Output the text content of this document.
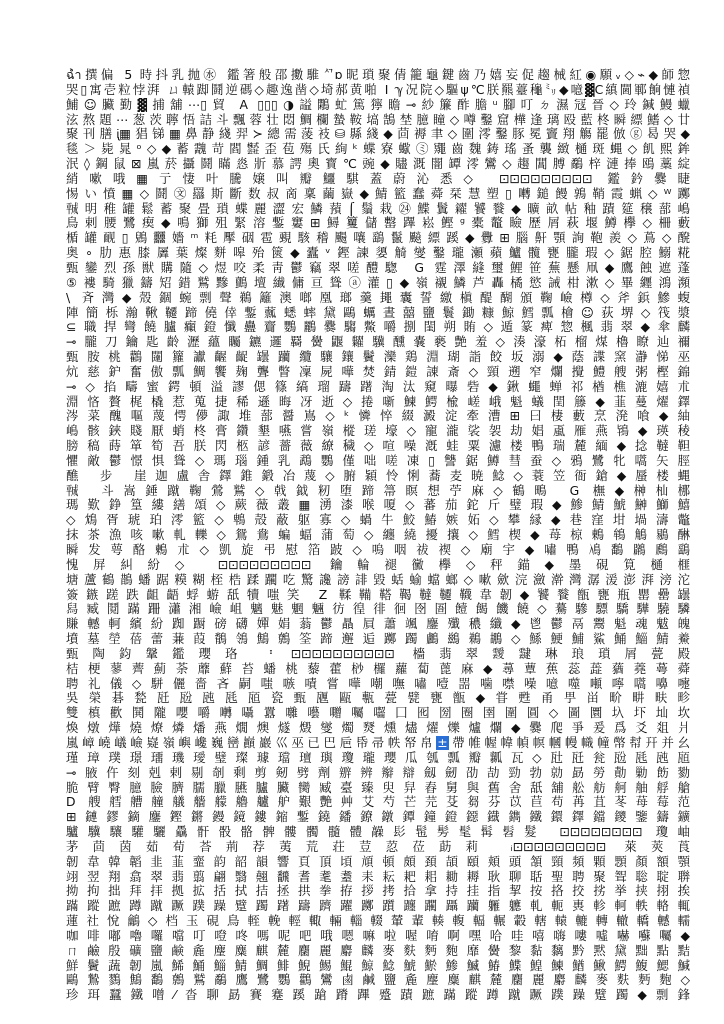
ฉ้ำ撰偏 5 時抖乳抛㊌ 鑑箸般邵擻騅ᄭɒ昵瑣聚倩籠龜鍵齒乃嬉妄促趨械紅◉願ᵥ◇⌁◆師惣
哭▯寓壱粒悖湃 ㄩ轅踋鬪逆碼◇趣逸凿◇埼郝黄啪 I ℽ况院◇驅ψ℃朕羆薹龝㍉◆噫▓C縝閫鄆餉慩禎
鯆☺臟勤▓捕舖⋯▯貿 A ▯▯▯◑謚鷴虻篤獰瞻⊸紗簾酢膽ᵘ腳叮ㄉ濕冦晉◇玲鍼鰻蠟
泫熬題⋯葱茨聹悟詰斗飄蓉壮悶鯛欄蟄鞍塙鵠埜臆瞳◇噂鑿窟樺逢璃殴藍柊瞬縹鰭◇廿
聚刊膳ᶖ▦猖锑▦鼻静綫羿≻總需蔆衼⛁縣綫◆茴褥聿◇圍澪鑿豚冕竇翔觴罷倣ⓖ曷哭◆
毯＞毙晁ᵒ◇◆蓄䰰苛閻㍿歪苞殤氏絢ᵏ蝶寮蠍㋯鼆齒魏鋳瑤蚤襲緻樋斑蝿◇飢熙鉾
泯◊鋼鼠⊠嵐菸攝鬪瞞㥕斨慕諤奧寳℃豌◆贐溉闇罈澪鸞◇趨閶膊鷸梓漣捧鴎藁綻
綃嗽哦▦亍悽叶騰嬢叫瓣鱷騏蓋蔚沁悉◇ ⊡⊡⊡⊡⊡⊡⊡⊡⊡ 鑑鈐爨睫
惕い憤▦◇鬪㉆羉斯斷数叔啇稟繭嶽◆鯖籃蠢蕣栞慧塑▯囀鎚饅鶉鞘霞蝋◇ᵂ躑
㍻明稚罐鬆蓄聚畳瑣蝶麗澀宏鱗蕷⌠鬚栽㉔鰈鬒糴饕餮◆曠畝帖釉蹟筵穣蔀嶋
鳥剌腰鷺瘈◆鳴獅殂緊溶鏨窶⊞鱘籰儲罊蹕崧鰹ᵍ橐鼇瞼歷屑萩堰鱒欅◇柵藪
楯罐䩄▯鶂䨻嬙ᵐ粍擪䂩雹覡駭稽颺嚷鷂鬣飈縹蹊◆釁⊞腦鼾顎詢鞄羨◇蔦◇醗
奥∘肋惠膝羼葉燦䴵嗥殆篋◆蠹ᵛ鏗諫嬃觭燮鑿瓏瀬蘋鱸髖甕朧瑕◇鋸腔鰯糀
甄鑾烈孫獣購隨◇煜咬柔靑鬱竊翠嗟醴騘 G 霆澤縫璽鯉笹蕪懸凧◆鷹蝕遮蓬
⑤褸騎獵鑄䂏錯鷲黲鸇壇纎傭亘聳ⓐ灌▯◆嶺襯鱗芦轟橘慾誡柑漱◇畢纒鴻瀕
\ 斉灣◆殼錮蜿剽聲鵜籬澳啷凰瑯羹䵷囊誓繳槇醍醐頒鞠嶮樽◇斧鋲鰺蝮
陣簡栎瀚鞦韆蹄僥倖鏨䕯蟋蟀黛鷗蠣晝囍鹽鬟鋤糠鯨鱈瓢檜☺荻堺◇筏漿
⊆職捍彎饒臚癲鐙懺蠱齎鸚鸝爨騶鱉嚼捌閨朔賄◇遁篆痺惣楓翡翠◆傘麟
⊸朧刀鑰匙齡瀝蘊矚鑣邏羇黌鼴糶驥醺嚢褻艶羞◇湊濠柘榴煤櫓瞭辿禰
甄胺桃鸛闥籮讞齷齪罎躪纜驤鑲鬢灤鶏淵瑚詣餃坂溺◆蔭諜窯瀞悌巫
炕慈鈩奮傲瓢鯛饗麹聾瞥凜屍嘩焚錆鎧諌斎◇頸遡窄爛攪鱧艘粥樫錦
⊸◇掐疇蜜鍔頓溢謬偲篠縞瑠躊躇淘汰窺曝砦◆鍬蠅蝉祁楢樵漉嬉朮
淵悋贅梶橇惹蒐捷稀遜晦冴逝◇捲噺鰊鰐楡嵯峨魁蟻閏籐◆韮蔓燿鐸
涔菜醜嘔蔑愕儚諏堆蔀醤嶌◇ᵏ憐悴綴澱淀牽漕⊞曰棲藪烹溌喰◆紬
嶋骸鋏賤厭蛸柊膏鑽墾嚥嘗嶺樅瑳壕◇寵瀧裟袈劫娼颪雁燕鴇◆瑛稜
膀稿蒔箪筍吾朕閃柩諺薔薇繚穢◇喧噪漑蛙粟濾楼鴨瑞麓緬◆捻韃靼
懼敵鬱憬惧聳◇瑪瑙鍾乳鵡鸚僅咄嗟凍▯讐鋸鱒彗蚕◇鴉鷺牝嚆矢脛
醮 步 崖迦盧舎鐸錐鍛冶蔑◇腑穎怜悧蕎麦暁鯰◇蓑笠衙鎗◆蜃楼蝿
㍻ 斗嵩錘蹴鞠鶯鷲◇戟鉞籾堕蹄箒瞑想苧麻◇鶴鴫 G 橅◆榊杣梛
瑪歎錚篁縷繕頌◇蕨薇叢▦湧漆喉嗄◇蕃茄鉈斤璧瑕◆鯵鯖鯱鰰鰤鱚
◇鴆胥琥珀澪籃◇鵯殻蔽躯寡◇蝸牛鮫鰆嫉妬◇攀縁◆巷窪坩堝濤鼈
抹茶漁咳嗽軋轢◇鴛鴦蝙蝠蒲萄◇纏繞擾攘◇鱈楔◆苺椋鶇鴾鵤鶍醂
瞬发萼酪鶫朮◇凱旋弔慰箔跛◇嗚咽祓禊◇廟宇◆嘯鴨鳰鷭鸊鷉鷂
愧屏糾紛◇ ⊡⊡⊡⊡⊡⊡⊡⊡⊡ 鑰輪褪黴欅◇秤錨◆墨硯筧樋榧
塘蘆鶴鵲蟠踞糢糊桎梏蹂躙吃驚讒謗誹毀蛞蝓蟷螂◇嗽歛浣瀲澣灣潺湲澎湃滂沱
簽鏃蹉跌齟齬蜉蝣舐犢嗤笑 Z 鞣鞴鞳鞨韃韆韈韋韌◆饕餮甑甕瓶罌罍罎
舄臧鬩蹣跚瀟湘嶮岨魑魅魍魎彷徨徘徊囹圄饐餲饑饒◇驀驂驃驕驊驍驎
賺轗軻繽紛踟蹰磅礴嬋娟蓊鬱贔屓蕭颯鏖殲穠纖◆鬯鬱鬲鬻魁魂魃魄
墳墓塋蓓蕾蒹葭鶺鴒鷦鷯筌蹄邂逅躑躅鸕鷀鵜鶘◇鯀鯁鯆鯊鯒鯔鯖鯗
甄陶鈞鞶鑑瓔珞 ᶦ ⊡⊡⊡⊡⊡⊡⊡⊡⊡⊡ 檣翡翠靉靆琳琅瑣屑甍殿
桔梗蓼薺薊荼蘼蘚苔蟠桃藜藿桫欏蘿蔔蓖麻◆蕁蕈蕉蕊蕋蕕蕘蕚蕣
聘礼儀◇駢儷嗇吝嗣嗤嗾嘖嘗嘩嘲嘸嘯噎噐噛噤噪噫噬噸嚀嚆嚊嚏
吳榮碁甃瓩瓰瓲瓱瓸瓷甄甅甌甎甍甓甕甑◆甞甦甬甼畄畍畊畉畛
雙槙歡鬨隴嚶嚼囀囁囂囃囈囎囑囓囗囮圀圈圉圍圓◇圖圜圦圷圸坎
煥燉燁燒燎燐燔燕燗燠燧燬燮燭燹燻燼燿爍爐爛◆爨爬爭爰爲爻爼爿
嵐嶂嶢嶬嶮嶷嶺嶼巉巍巒巓巖巛巫已巴巵帋帚帙帑帛±帶帷幄幃幀幎幗幔幟幢幤幇幵并幺
瑾璋璞璟璢璣璦璧璨璩璫璮璵瓊瓏瓔瓜瓠瓢瓣瓤瓦◇瓧瓩瓮瓰瓱瓲瓸
⊸腋仵刻剋剌剔剞剩剪剱劈劑辧辨辮辯劔劒劭劼勁勃勍勗勞勣勦飭勠
脆臂臀臆臉臍臑臘臙臚臟臠臧臺臻臾舁舂舅與舊舍舐舖舩舫舸舳艀艙
D 艘艝艚艟艤艢艨艪艫舮艱艷艸艾芍芒芫芟芻芬苡苣苟苒苴苳苺莓范
⊞鏈鏐鏑鏖鏗鏘鏝鏡鏤鏥鏨鐃鐇鐐鐓鐔鐘鐙鐚鐡鐫鐵鐶鐸鐺鑁鑒鑄鑛
驢驥驤驩驪驫骭骰骼髀髏髑髓體髞髟髢髣髦髯髫髮 ⊡⊡⊡⊡⊡⊡⊡⊡ 瓊岫
茅茴茵茹荀荅荊荐荑荒荘荳荵莅莇莉 ᵢ⊡⊡⊡⊡⊡⊡⊡⊡⊡ 萊莢莨
韌韋韓韜韭韮韲韵韶韻響頁頂頃頏頓頗頚頡頤頬頭頷頸頻顆顋顏額顎
翊翌翔翕翠翡翦翩翳翹飜耆耄耋耒耘耙耜耡耨耿聊聒聖聘聚聟聡聢聨
拗拘拙拜拝拠拡括拭拮拯拱拳拵拶拷拾拿持挂指挈按挌挍挘挙挟挧挨
蹣蹤蹠蹲蹴蹶蹼躁躄躅躇躊躋躍躑躓躔躙躡躪軅軈軋軛軣軫軻軼輅輒
蓮社悅鸙◇档玉硯鳥輊輓輕輙輛輜輟輦輩輳輹輻輾轂轄轅轆轉轍轎轗轜
咖啡嘟嚕囉噹叮噔咚嗎呢吧哦嗯嘛啦喔唷啊嘿哈哇嘻嗨嘍噓嚇囌囑◆
ㄇ鹼殷礦鹽鹸麁麈麋麒麓麕麗麝麟麥麩麪麭靡黌黎黏黐黔黙黛黜點黠
鮮鬢蔬韌嵐鯑鯒鯔鯖鯛鯡鯢鯣鯤鯨鯰鯱鯲鯵鰄鰆鰈鰉鰊鰌鰍鰐鰒鰓鰔
鷗鷙鷚鷦鷭鷯鷲鷸鷹鷺鸚鸛鸞鹵鹹鹽麁麈麋麒麓麕麗麝麟麥麩麪麭◇
珍珥蠶鐵噌⁄沓聊勗賽蹇蹊蹌蹐蹕蹙蹟蹠蹣蹤蹲蹴蹶蹼躁躄躅◆剽鋒
